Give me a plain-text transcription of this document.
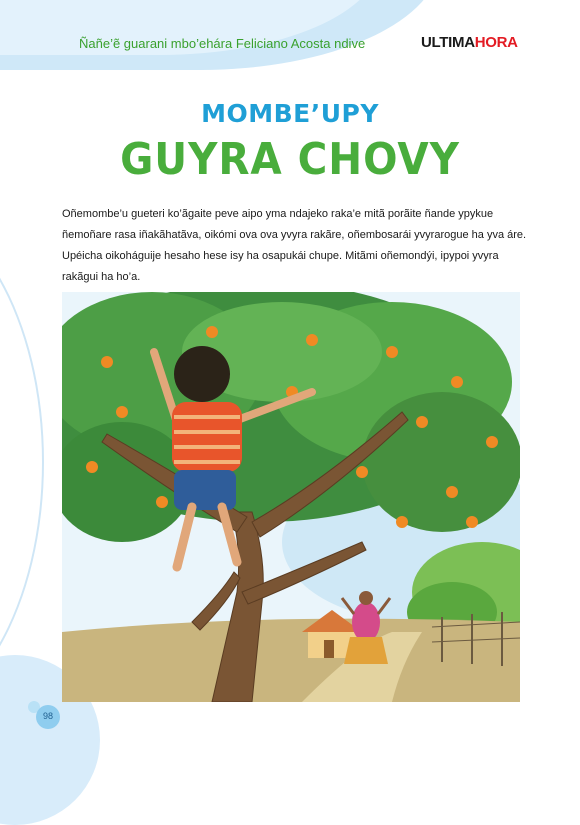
Ñañe’ẽ guarani mbo’ehára Feliciano Acosta ndive	ULTIMAHORA
MOMBE’UPY
GUYRA CHOVY

Oñemombe’u gueteri ko’ãgaite peve aipo yma ndajeko raka’e mitã porãite ñande ypykue ñemoñare rasa iñakãhatãva, oikómi ova ova yvyra rakãre, oñembosarái yvyrarogue ha yva áre. Upéicha oikoháguije hesaho hese isy ha osapukái chupe. Mitãmi oñemondýi, ipypoi yvyra rakãgui ha ho’a.

98
